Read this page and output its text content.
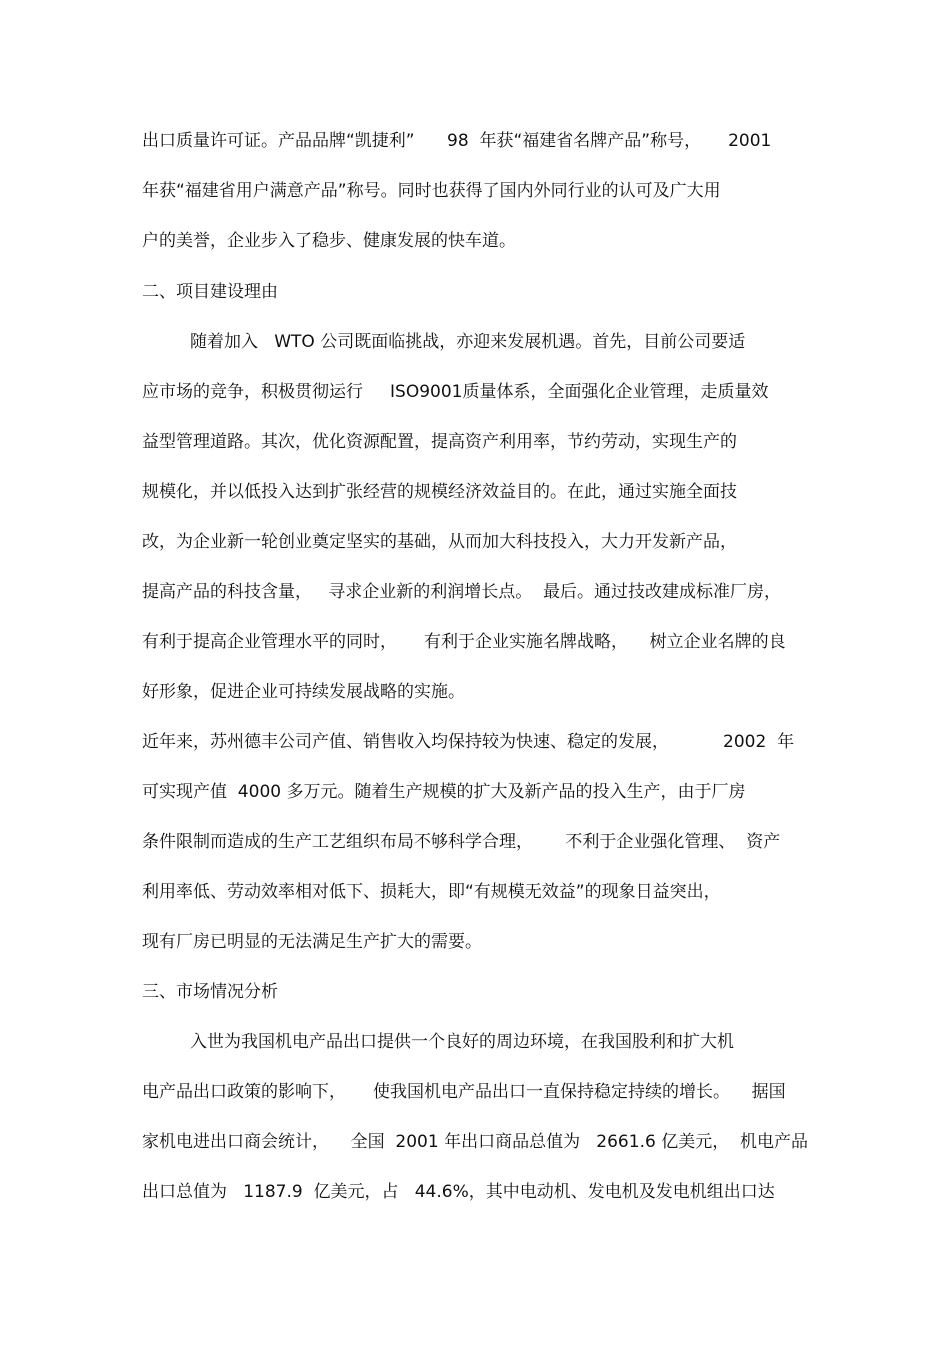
出口质量许可证。产品品牌“凯捷利”      98  年获“福建省名牌产品”称号，     2001
年获“福建省用户满意产品”称号。同时也获得了国内外同行业的认可及广大用
户的美誉，企业步入了稳步、健康发展的快车道。
二、项目建设理由
随着加入   WTO 公司既面临挑战，亦迎来发展机遇。首先，目前公司要适
应市场的竞争，积极贯彻运行     ISO9001质量体系，全面强化企业管理，走质量效
益型管理道路。其次，优化资源配置，提高资产利用率，节约劳动，实现生产的
规模化，并以低投入达到扩张经营的规模经济效益目的。在此，通过实施全面技
改，为企业新一轮创业奠定坚实的基础，从而加大科技投入，大力开发新产品，
提高产品的科技含量，   寻求企业新的利润增长点。  最后。通过技改建成标准厂房，
有利于提高企业管理水平的同时，     有利于企业实施名牌战略，    树立企业名牌的良
好形象，促进企业可持续发展战略的实施。
近年来，苏州德丰公司产值、销售收入均保持较为快速、稳定的发展，          2002  年
可实现产值  4000 多万元。随着生产规模的扩大及新产品的投入生产，由于厂房
条件限制而造成的生产工艺组织布局不够科学合理，      不利于企业强化管理、  资产
利用率低、劳动效率相对低下、损耗大，即“有规模无效益”的现象日益突出，
现有厂房已明显的无法满足生产扩大的需要。
三、市场情况分析
入世为我国机电产品出口提供一个良好的周边环境，在我国股利和扩大机
电产品出口政策的影响下，     使我国机电产品出口一直保持稳定持续的增长。    据国
家机电进出口商会统计，    全国  2001 年出口商品总值为   2661.6 亿美元，  机电产品
出口总值为   1187.9  亿美元，占   44.6%，其中电动机、发电机及发电机组出口达
